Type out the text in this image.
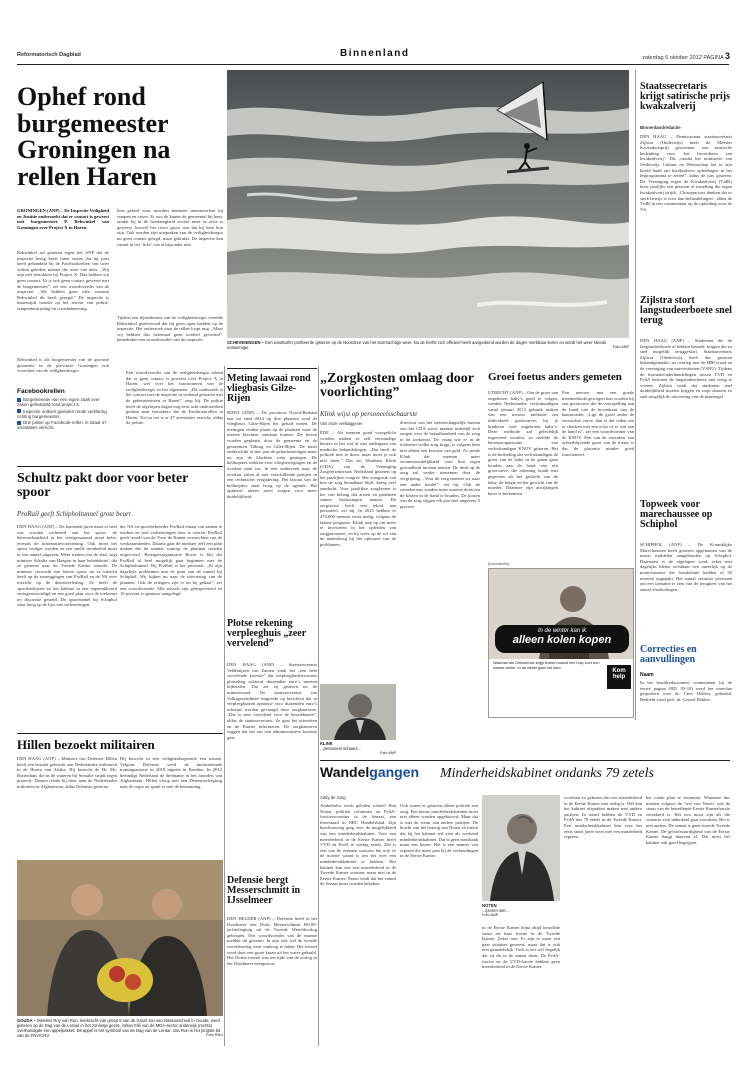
Reformatorisch Dagblad	Binnenland	zaterdag 6 oktober 2012 PAGINA 3
Ophef rond burgemeester Groningen na rellen Haren
GRONINGEN (ANP) – De Inspectie Veiligheid en Justitie onderzoekt dat er contact is geweest met burgemeester P. Rehwinkel van Groningen over Project X in Haren.
Rehwinkel zei gisteren tegen het ANP dat de inspectie bezig heeft laten weten dat hij juist heeft gehandeld bij de Facebookrellen van twee weken geleden, manier die weer van niets. „Wij zijn niet betrokken bij Project X. Dus hebben wij geen contact. Er is ook geen contact geweest met de burgemeester”, zei een woordvoerder van de inspectie. „We hebben geen idee waarom Rehwinkel dit heeft gezegd.” De inspectie is tussentijds houder op het terrein van politie, rampenbestrijding en crisisbeheersing.
Rehwinkel is als burgemeester van de grootste gemeente in de provincie Groningen ook voorzitter van de veiligheidsregio
Facebookrellen
Burgemeester van een eigen zaak over zaken gehandeld rond project X.
Inspectie ontkent gesloten rende verklaring richting burgemeester.
Drie politie op Facebook-rellen: in totaal 47 arrestaties verricht.
leen geheel waar moeders bemieen samenwerken bij rampen en crises. Er zou de kanter de gemeentel bij hem, omdat hij in de hoedanigheid zoveel meer in actie is geweest, hoewel het risico groot was dat hij hem kon zijn. Ook werden zijn uitspraken van de veiligheidsregio nu geen contact gelegd, maar gebruikt. De inspectie kan vanuit in het ‘licht’ van al bijzonder niet.
Tijdens een bijeenkomst van de veiligheidsregio vertelde Rehwinkel gisteravond dat hij geen ogen hadden op de inspectie. Het onderzoek naar de rellen loopt nog. „Maar wij hebben dus helemaal geen oordeel gevormd”, benadrukte een woordvoerder van de inspectie.
Een woordvoerder van de veiligheidsregio erkent dat er geen contact is geweest over Project X in Haren, wel over het functioneren van de veiligheidsregio in het algemeen. „Dit onderzoek is het contact met de inspectie in verband gebracht met de gebeurtenissen in Haren”, zegt hij. De politie heeft de afgelopen dagen nog eens acht onderzoeken gedaan naar bezoekers die de Facebookrellen in Haren. Tot nu toe is er 47 arrestaties verricht, aldus de politie.
SCHEVENINGEN – Een windsurfer profiteerde gisteren op de Noordzee van het stormachtige weer. Nu de herfst zich officieel heeft aangediend worden de dagen merkbaar korter en wordt het weer steeds onstuimiger.	Foto ANP
Staatssecretaris krijgt satirische prijs kwakzalverij
Binnenlandredactie
DEN HAAG – Demissionair staatssecretaris Zijlstra (Onderwijs) heeft de Meester Kackadorisprijs gewonnen, een satirische bedenking voor ‘het bevorderen van kwakzalverij’. Dit „omdat het ministerie van Onderwijs, Cultuur en Wetenschap het in zijn hoofd haalt om kwakzalvers opleidingen in het lesprogramma te zetten”, aldus de jury gisteren. De Vereniging tegen de Kwakzalverij (VtdK) kiest jaarlijks een persoon of instelling die tegen kwakzalverij strijdt. ‚Chiropractors denken dat er sterk bewijs is voor hun behandelingen’, aldus de VtdK in een commentaar op de opleiding voor de VS.
Zijlstra stort langstudeerboete snel terug
DEN HAAG (ANP) – Studenten die de langstudeerboete al hebben betaald, krijgen die zo snel mogelijk teruggestort. Staatssecretaris Zijlstra (Onderwijs) heeft dat gisteren bekendgemaakt, na overleg met de HBO-raad en de vereniging van universiteiten (VSNU). Tijdens de formatieonderhandelingen tussen VVD en PvdA besloten de langstudeerboete niet terug te voeren. Zijlstra vindt dat studenten snel duidelijkheid moeten krijgen en stopt daarom zo snel mogelijk de uitvoering van de maatregel.
Topweek voor marechaussee op Schiphol
SCHIPHOL (ANP) – De Koninklijke Marechaussee heeft gisteren opgenomen van de meest middelen aangehouden op Schiphol. Daarnaast is de afgelopen week zeker niet dagelijks kleine zichtbaar een oneerlijk op de marechaussee die fraudulente hadden of 30 mensen opgepakt. Het aantal vermiste personen om een toename te zien van de terugkeer van het aantal vluchtelingen.
Correcties en aanvullingen
Naam
In het hoofdredactioneel commentaar bij de eerste pagina (RD, 05-10) werd ten onrechte gesproken over dr. Cees Dekker, gebeteld. Bedoeld werd prof. dr. Gerard Dekker.
Schultz pakt door voor beter spoor
ProRail geeft Schipholtunnel grote beurt
DEN HAAG (ANP) – De komende jaren moet er heel wat worden verbeterd aan het spoor: de betrouwbaarheid in het reizigersaantal moet beter, evenals de informatievoorziening. Ook moet het spoor veiliger worden en een snelle treinbeleid moet in een aantal uitgaven. Meer treinen om de stad, zegt minister Schultz van Haegen in haar beleidsbrief, die ze gisteren naar de Tweede Kamer stuurde. De minister verwacht een betere spoor nu ze uitzicht heeft op de toezeggingen van ProRail en de NS over toezicht op de dienstverlening. Ze heeft de spoorbedrijven en het kabinet in een regeerakkoord vertegenwoordigd en een goed plan voor de toekomst ter discussie gesteld. De spoortunnel bij Schiphol staat hoog op de lijst van verbeteringen.
der NS en spoorbeheerder ProRail ernaar om samen te werken en snel verbeteringen door te voeren. ProRail geeft twaalf van de Twee de Kamer overzichten van de werkzaamheden. Daarna gaat de minister zelf een plan maken dat de manier waarop de plannen worden uitgevoerd. Reizigersorganisatie Rover is blij dat ProRail al heel mogelijk gaat beginnen met de Schipholtunnel. Bij ProRail is het prioriteit. „Er zijn dagelijks problemen met de punt van de tunnel bij Schiphol. Wij kijken nu naar de uitvoering van de plannen. Ook de reizigers zijn er nu bij gebaat”, zei een woordvoerder. Alle wissels zijn geïnspecteerd en 10 procent is opnieuw aangelegd.
Meting lawaai rond vliegbasis Gilze-Rijen
RIJEN (ANP) – De provincie Noord-Brabant laat tot eind 2014 op drie plaatsen rond de vliegbasis Gilze-Rijen het geluid meten. De metingen vinden plaats op de plaatsen waar de meeste klachten vandaan komen. De boxen worden geplaatst door de gemeente en de gemeenten Tilburg en Gilze-Rijen. De basis onderschikt al drie jaar de geluidsmetingen maar nu zijn de klachten weer gestegen. De helikopters wekken voor vliegbewegingen en de overlast nam toe. In een onderzoek naar de overlast zitten al met verschillende partijen in een technische vergadering. Het lawaai van de helikopters staat hoog op de agenda. Het opnieuw meten moet zorgen voor meer duidelijkheid.
Plotse rekening verpleeghuis „zeer vervelend”
DEN HAAG (ANP) – Staatssecretaris Veldhuijzen van Zanten vindt het „een hele vervelende kwestie” dat verpleeghuisbewoners plotseling achteraf duizenden euro’s moeten bijbetalen. Dat zei zij gisteren na de ministerraad. De staatssecretaris van Volksgezondheid reageerde op berichten dat in verpleeghuizen opnieuw voor duizenden euro’s achteraf worden gevraagd door zorgkantoren. „Dat is zeer vervelend voor de betrokkenen”, aldus de staatssecretaris. Ze gaat het uitzoeken en de Kamer informeren. De zorgkantoren zeggen dat het om een administratieve kwestie gaat.
„Zorgkosten omlaag door voorlichting”
Klink wijst op personeelsschaarste
Van onze verslaggever
EDE – Als mensen goed voorgelicht worden, maken ze zelf verstandige keuzes in het wel of niet ondergaan van medische behandelingen. „Dat heeft de politiek niet te doen, maar moet je ook niet doen.” Dat zei Abraham Klink (CDA) van de Vereniging Zorgverzekeraars Nederland gisteren op het jaarlijkse congres. Het vraagstuk van hoe de zorg betaalbaar blijft, kreeg veel aandacht. Voor jaarlijkse zorgkosten is het van belang dat artsen en patiënten samen beslissingen nemen. De zorgsector heeft een tekort aan personeel, zei hij. In 2025 hebben er 470.000 mensen extra nodig, volgens de laatste prognose. Klink riep op om meer te investeren in het opleiden van zorgpersoneel, en hij wees op de rol van de mantelzorg bij het oplossen van de problemen.
directeur van het wetenschappelijk bureau van het CDA werd, maakte indertijd zich zorgen over de betaalbaarheid van de zorg in de toekomst. De vraag wie er in de toekomst welke zorg krijgt, is volgens hem niet alleen een kwestie van geld. Zo stelde Klink dat mensen meer verantwoordelijkheid voor hun eigen gezondheid moeten nemen. De druk op de zorg zal verder toenemen door de vergrijzing. „Voor de zorg moeten we naar een ander model”, zei hij. Ook de verzekeraars zouden meer moeten doen om de kosten in de hand te houden. De kosten van de zorg stijgen elk jaar met ongeveer 5 procent.
KLINK
...personeel schaars...
Foto ANP
Groei foetus anders gemeten
UTRECHT (ANP) – Om de groei van ongeboren baby’s goed te volgen, werden Nederlandse verloskundigen vanaf januari 2013 gebruik maken van een nieuwe methode om individuele groeicurves bij je kinderen voor ongeboren baby’s. Deze methode zal geleidelijk ingevoerd worden, zo meldde de beroepsorganisatie van verloskundigen KNOV gisteren. Het is de bedoeling dat verloskundigen de groei van de baby in de gaten gaan houden aan de hand van een groeicurve, die rekening houdt met gegevens als het geslacht van de baby, de lengte en het gewicht van de moeder. Daarmee zijn afwijkingen beter te herkennen.
Een nieuwe, met een goede meetmethode gewogen kan worden bij een groeicurve die de voorspelling aan de hand van de bovenkant van de baarmoeder. „Ligt de groei onder de verwachte curve, dan is dat reden om te checken met een echo of er wat aan de hand is”, zei een woordvoerder van de KNOV. Een van de oorzaken van achterblijvende groei van de foetus is dat de placenta minder goed functioneert.
[Advertentie]
In de winter kan ik
alleen kolen kopen
Waarvan als Oekraïense krijgt iedere maand een hulp voor een warme winter. In de winter gaat het hard.
Kom
help
Hillen bezoekt militairen
DEN HAAG (ANP) – Minister van Defensie Hillen heeft een bezoek gebracht aan Nederlandse militairen in de Hoorn van Afrika. Hij bezocht de Hr. Ms. Rotterdam, die in de wateren bij Somalië strijdt tegen piraterij. Daarna reisde hij door naar de Nederlandse militairen in Afghanistan, aldus Defensie gisteren.
Hij bezocht in een veiligheidsoperatie een missie. Volgens Defensie werd de internationale trainingsmissie in 2010 ingezet in Kunduz. In 2012 beëindigt Nederland de deelname in het noorden van Afghanistan. Hillen vloog met een Defensievliegtuig naar de regio en sprak er met de bemanning.
GOUDA – Meester Roy van Run, leerkracht van groep 8 van de Graaf Jan van Nassauschool in Gouda, werd gisteren op de Dag van de Leraar in het zonnetje gezet. Johan Filé van de MDA-sector onderwijs (rechts) overhandigde een appelpakket. Dit appel is het symbool van de Dag van de Leraar. Van Run is het jongste lid van de FNV/CNV.	Foto RNU
Defensie bergt Messerschmitt in IJsselmeer
DEN HELDER (ANP) – Defensie heeft in het IJsselmeer een Duits Messerschmitt Bf109-jachtvliegtuig uit de Tweede Wereldoorlog geborgen. Een woordvoerder van de marine meldde dit gisteren. In zijn ook wel de tweede wereldoorlog weer omhoog te halen. Het toestel werd door een grote kraan uit het water gehaald. Het Duitse toestel was ten tijde van de oorlog in het IJsselmeer neergestort.
Wandelgangen	Minderheidskabinet ondanks 79 zetels
Addy de Jong
Anderhalve week geleden schreef Han Noten, politiek columnist en PvdA-fractievoorzitter in de Senaat, een lezersmail in NRC Handelsblad. Zijn beschouwing ging over de mogelijkheid van een minderheidskabinet. Voor een meerderheid in de Eerste Kamer heeft VVD en PvdA te weinig zetels. Dat is een van de redenen waarom het ook zo de moeite waard is om het over een minderheidskabinet te hebben. Het kabinet kan dus een meerderheid in de Tweede Kamer vormen, maar niet in de Eerste Kamer. Noten vindt dat het vanuit de Senaat moet worden bekeken.
Ook waren er gisteren alleen politiek een zorg. Een nieuw minderheidskabinet moet niet alleen worden opgebouwd. Maar dat is met de steun van andere partijen. De kracht van het betoog van Noten zit hierin dat hij het kabinet wil zien als werkend minderheidskabinet. Dat is geen noodzaak maar een keuze. Het is een manier van regeren die meer past bij de verhoudingen in de Eerste Kamer.
in de Eerste Kamer bijna altijd hetzelfde stemt als haar fractie in de Tweede Kamer. Zeker niet. Er zijn er maar een paar situaties geweest, maar dat is ook niet gemakkelijk. Toch is het wel degelijk dat zij dit in de senaat doen. De PvdA-fractie en de VVD-fractie hebben geen meerderheid in de Eerste Kamer.
voorbaat zo gekozen dat een meerderheid in de Eerste Kamer niet nodig is. Wel kan het kabinet afspraken maken met andere partijen. In totaal hebben de VVD en PvdA dus 79 zetels in de Tweede Kamer. Een minderheidskabinet kan voor het eerst sinds jaren weer met een minderheid regeren.
het totale plan te stemmen. Waarmee dus meteen volgens de ‘wet van Noten’ ook de steun van de betreffende Eerste Kamerfractie verzekerd is. Het zou mooi zijn als die scenario zich inderdaad gaat voordoen. Het is niet anders. De senaat is geen tweede Tweede Kamer. De geloofwaardigheid van de Eerste Kamer hangt daarvan af. Dat moet het kabinet ook goed begrijpen.
NOTEN
...ijzeren wet...
Foto ANP
